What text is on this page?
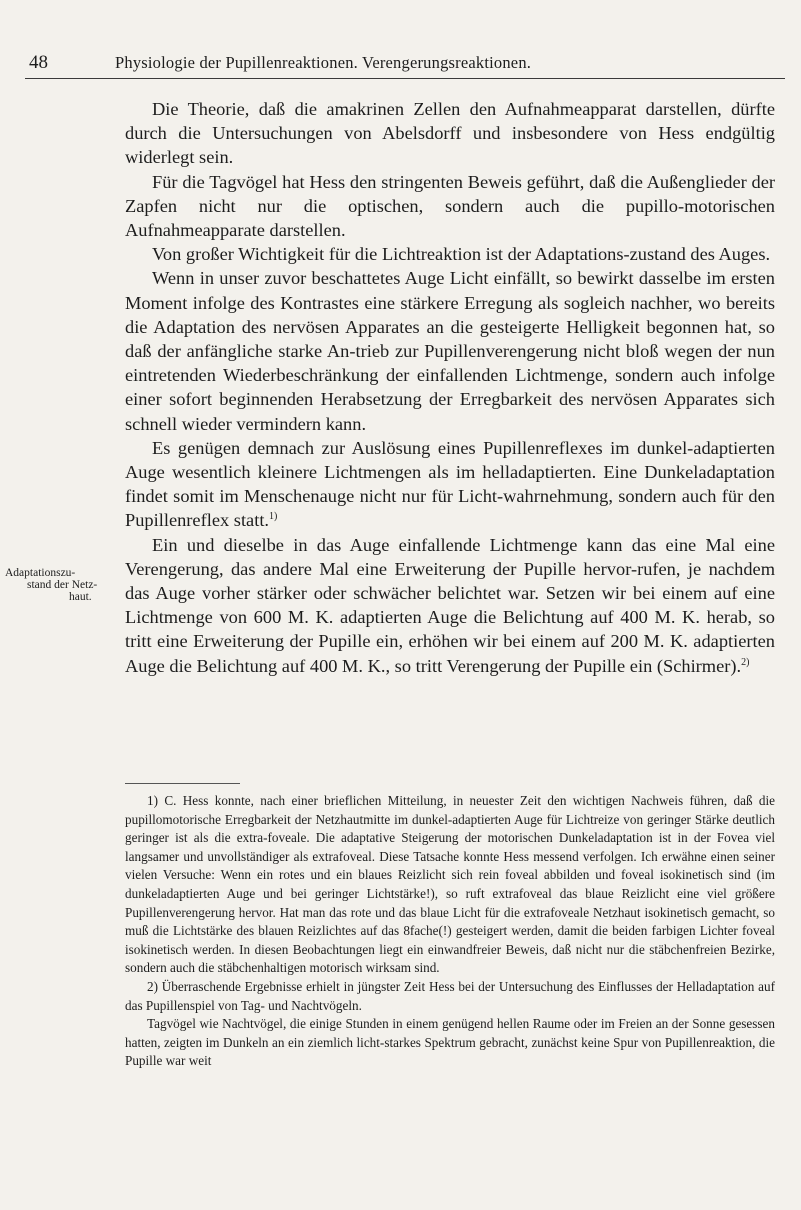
48	Physiologie der Pupillenreaktionen. Verengerungsreaktionen.
Adaptationszu-
stand der Netz-
haut.

Die Theorie, daß die amakrinen Zellen den Aufnahmeapparat darstellen, dürfte durch die Untersuchungen von Abelsdorff und insbesondere von Hess endgültig widerlegt sein.

Für die Tagvögel hat Hess den stringenten Beweis geführt, daß die Außenglieder der Zapfen nicht nur die optischen, sondern auch die pupillo-motorischen Aufnahmeapparate darstellen.

Von großer Wichtigkeit für die Lichtreaktion ist der Adaptations-zustand des Auges.

Wenn in unser zuvor beschattetes Auge Licht einfällt, so bewirkt dasselbe im ersten Moment infolge des Kontrastes eine stärkere Erregung als sogleich nachher, wo bereits die Adaptation des nervösen Apparates an die gesteigerte Helligkeit begonnen hat, so daß der anfängliche starke An-trieb zur Pupillenverengerung nicht bloß wegen der nun eintretenden Wiederbeschränkung der einfallenden Lichtmenge, sondern auch infolge einer sofort beginnenden Herabsetzung der Erregbarkeit des nervösen Apparates sich schnell wieder vermindern kann.

Es genügen demnach zur Auslösung eines Pupillenreflexes im dunkel-adaptierten Auge wesentlich kleinere Lichtmengen als im helladaptierten. Eine Dunkeladaptation findet somit im Menschenauge nicht nur für Licht-wahrnehmung, sondern auch für den Pupillenreflex statt.$^{1)}$

Ein und dieselbe in das Auge einfallende Lichtmenge kann das eine Mal eine Verengerung, das andere Mal eine Erweiterung der Pupille hervor-rufen, je nachdem das Auge vorher stärker oder schwächer belichtet war. Setzen wir bei einem auf eine Lichtmenge von 600 M. K. adaptierten Auge die Belichtung auf 400 M. K. herab, so tritt eine Erweiterung der Pupille ein, erhöhen wir bei einem auf 200 M. K. adaptierten Auge die Belichtung auf 400 M. K., so tritt Verengerung der Pupille ein (Schirmer).$^{2)}$

1) C. Hess konnte, nach einer brieflichen Mitteilung, in neuester Zeit den wichtigen Nachweis führen, daß die pupillomotorische Erregbarkeit der Netzhautmitte im dunkel-adaptierten Auge für Lichtreize von geringer Stärke deutlich geringer ist als die extra-foveale. Die adaptative Steigerung der motorischen Dunkeladaptation ist in der Fovea viel langsamer und unvollständiger als extrafoveal. Diese Tatsache konnte Hess messend verfolgen. Ich erwähne einen seiner vielen Versuche: Wenn ein rotes und ein blaues Reizlicht sich rein foveal abbilden und foveal isokinetisch sind (im dunkeladaptierten Auge und bei geringer Lichtstärke!), so ruft extrafoveal das blaue Reizlicht eine viel größere Pupillenverengerung hervor. Hat man das rote und das blaue Licht für die extrafoveale Netzhaut isokinetisch gemacht, so muß die Lichtstärke des blauen Reizlichtes auf das 8fache(!) gesteigert werden, damit die beiden farbigen Lichter foveal isokinetisch werden. In diesen Beobachtungen liegt ein einwandfreier Beweis, daß nicht nur die stäbchenfreien Bezirke, sondern auch die stäbchenhaltigen motorisch wirksam sind.

2) Überraschende Ergebnisse erhielt in jüngster Zeit Hess bei der Untersuchung des Einflusses der Helladaptation auf das Pupillenspiel von Tag- und Nachtvögeln.

Tagvögel wie Nachtvögel, die einige Stunden in einem genügend hellen Raume oder im Freien an der Sonne gesessen hatten, zeigten im Dunkeln an ein ziemlich licht-starkes Spektrum gebracht, zunächst keine Spur von Pupillenreaktion, die Pupille war weit
